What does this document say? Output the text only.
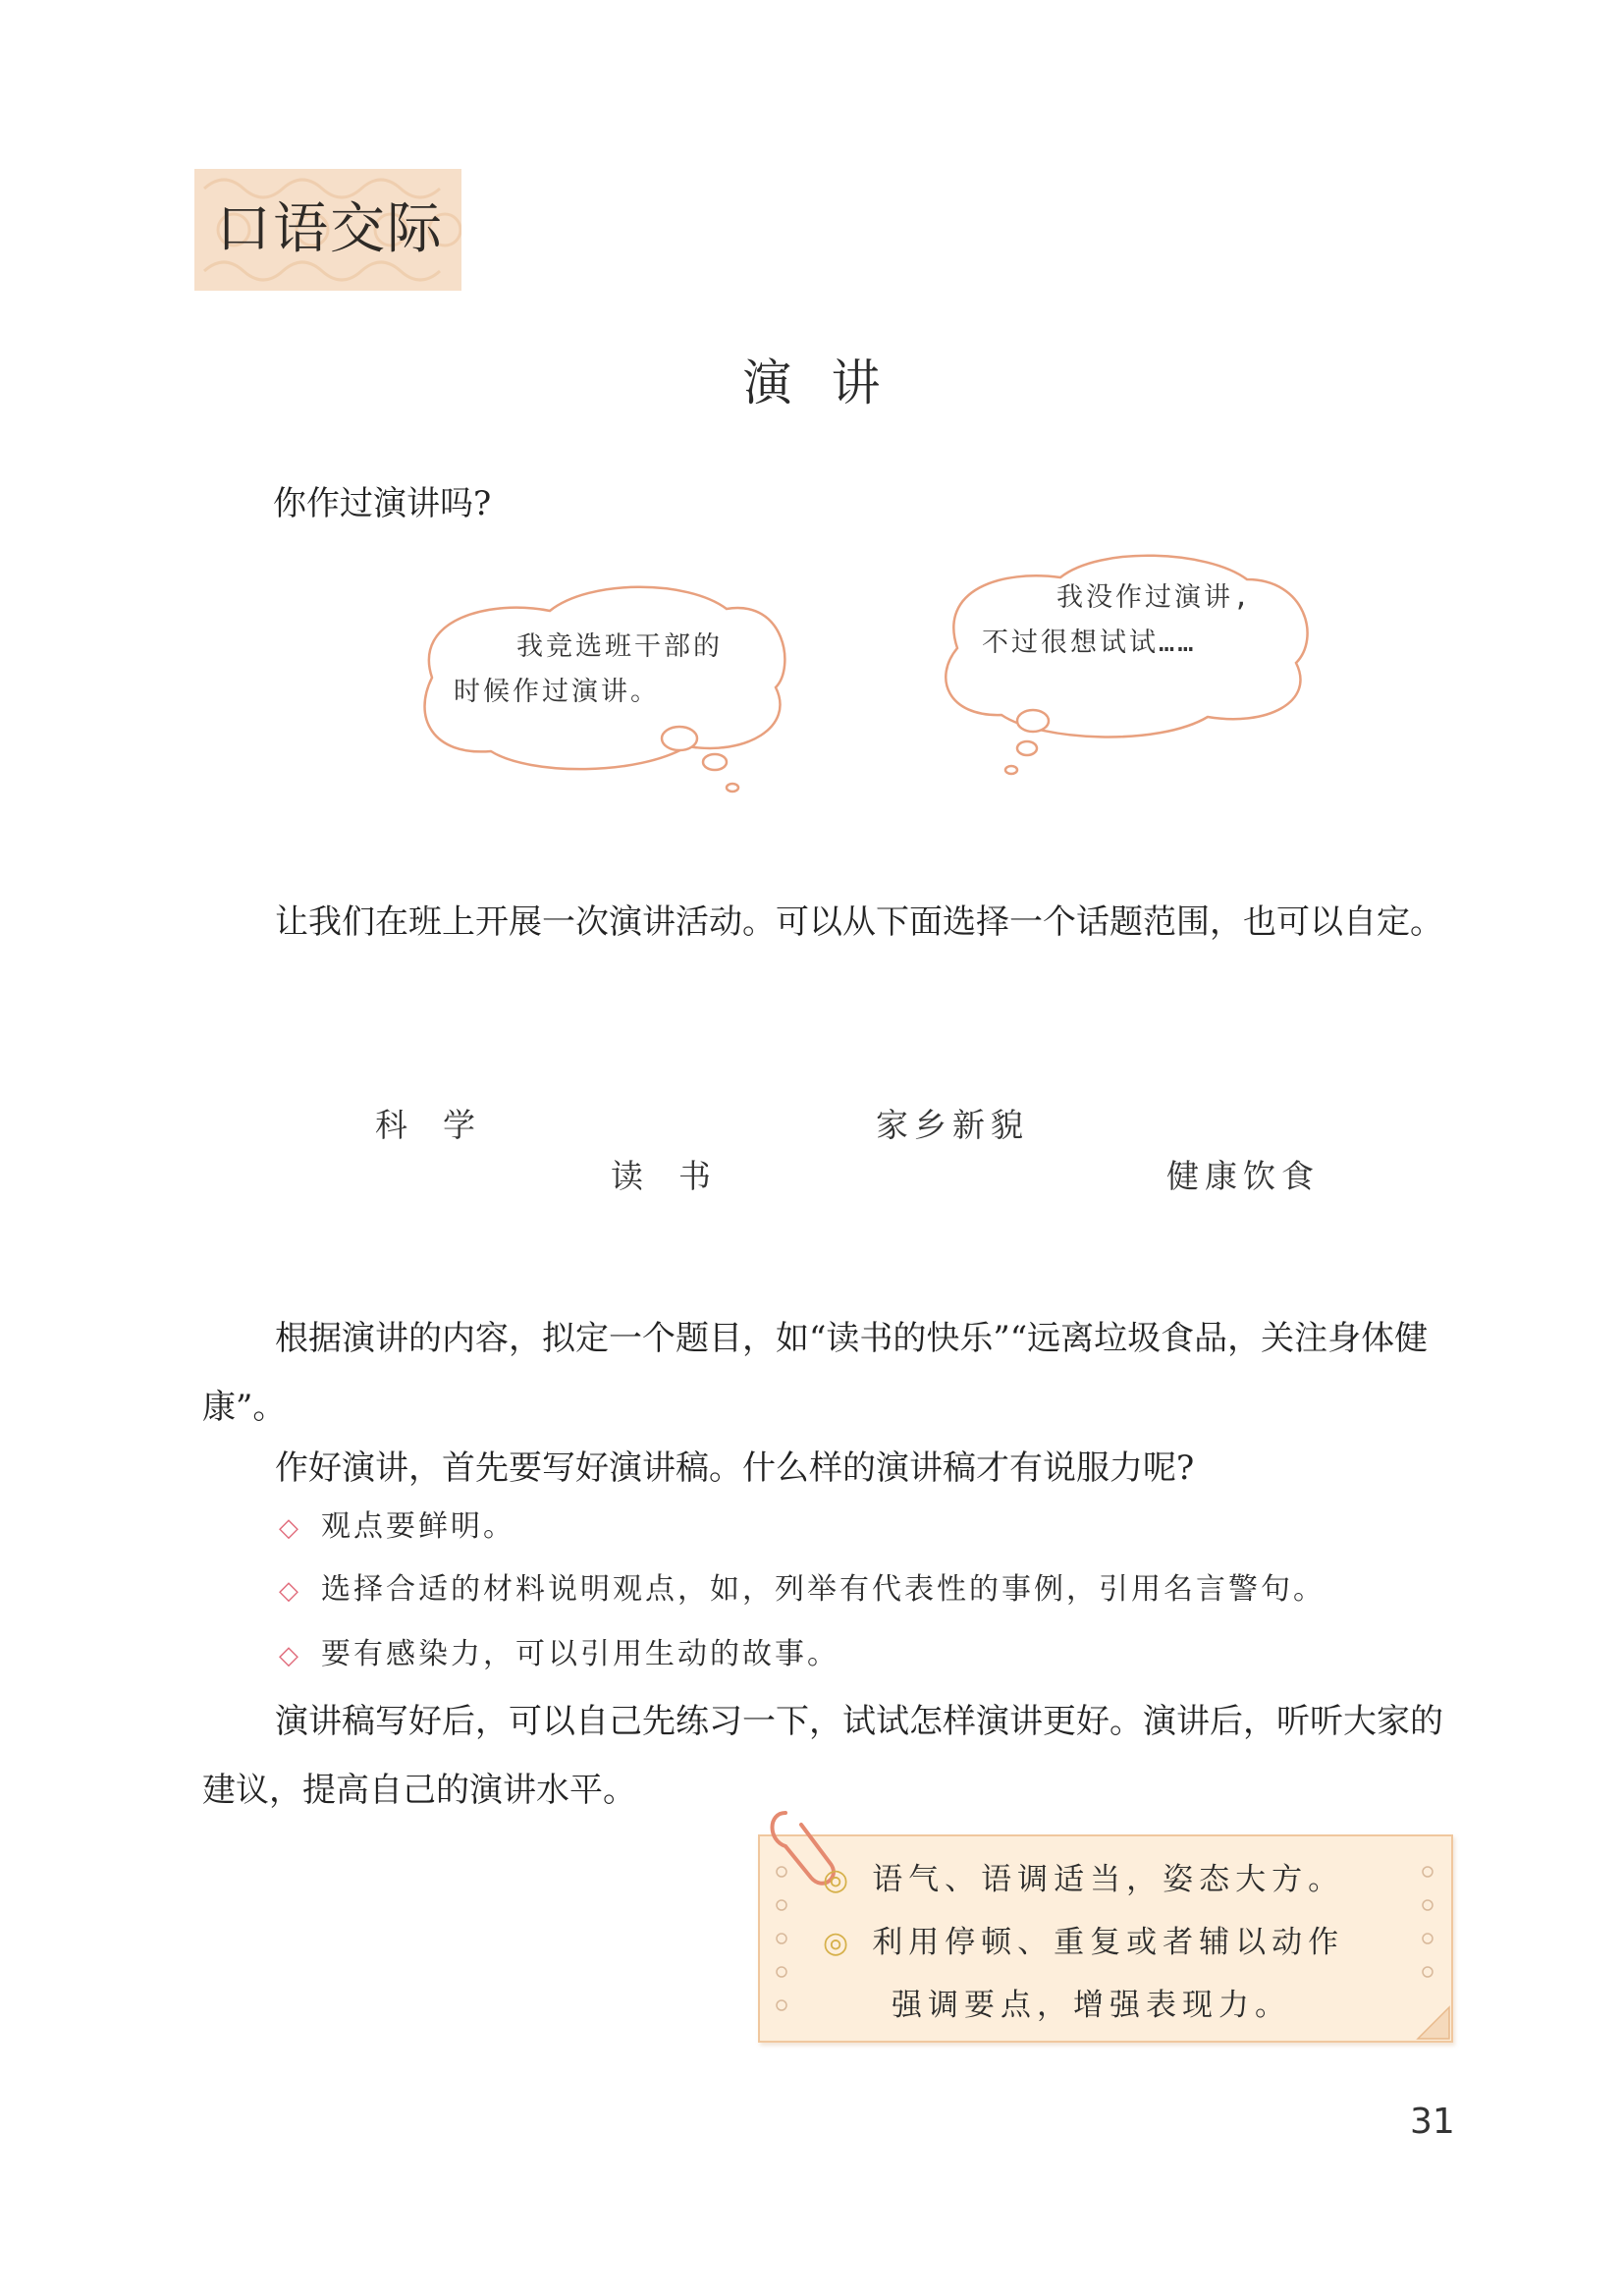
口语交际
演讲
你作过演讲吗?
我竞选班干部的
时候作过演讲。
我没作过演讲,
不过很想试试……
让我们在班上开展一次演讲活动。可以从下面选择一个话题范围，也可以自定。
科学	家乡新貌
读书	健康饮食
根据演讲的内容，拟定一个题目，如“读书的快乐”“远离垃圾食品，关注身体健康”。
作好演讲，首先要写好演讲稿。什么样的演讲稿才有说服力呢?
◇ 观点要鲜明。
◇ 选择合适的材料说明观点，如，列举有代表性的事例，引用名言警句。
◇ 要有感染力，可以引用生动的故事。
演讲稿写好后，可以自己先练习一下，试试怎样演讲更好。演讲后，听听大家的建议，提高自己的演讲水平。
◎ 语气、语调适当，姿态大方。
◎ 利用停顿、重复或者辅以动作
强调要点，增强表现力。
31
